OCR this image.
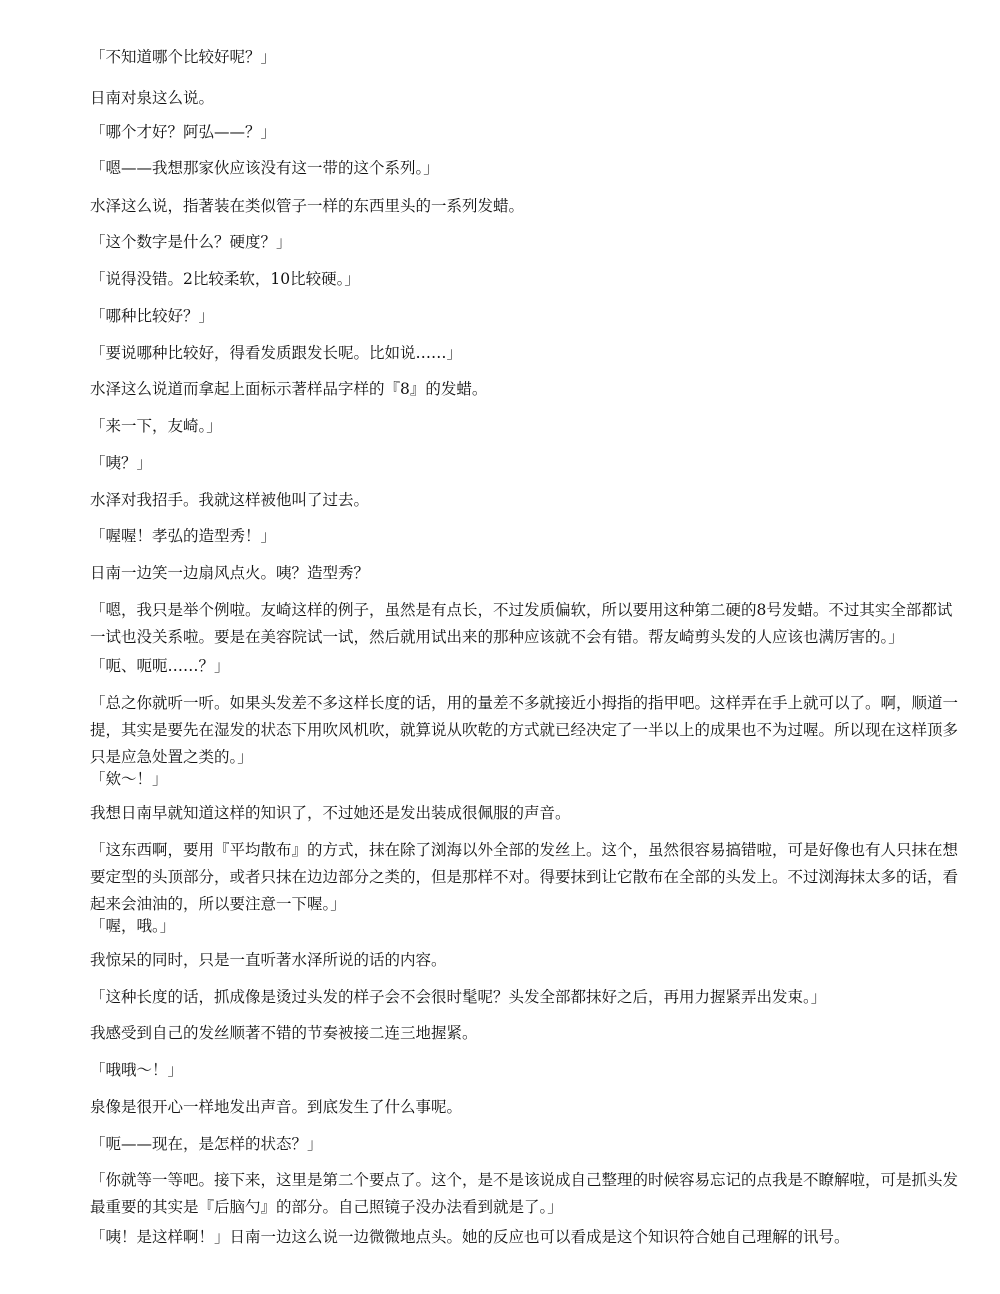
「不知道哪个比较好呢？」

日南对泉这么说。

「哪个才好？阿弘——？」

「嗯——我想那家伙应该没有这一带的这个系列。」

水泽这么说，指著装在类似管子一样的东西里头的一系列发蜡。

「这个数字是什么？硬度？」

「说得没错。2比较柔软，10比较硬。」

「哪种比较好？」

「要说哪种比较好，得看发质跟发长呢。比如说……」

水泽这么说道而拿起上面标示著样品字样的『8』的发蜡。

「来一下，友崎。」

「咦？」

水泽对我招手。我就这样被他叫了过去。

「喔喔！孝弘的造型秀！」

日南一边笑一边扇风点火。咦？造型秀？

「嗯，我只是举个例啦。友崎这样的例子，虽然是有点长，不过发质偏软，所以要用这种第二硬的8号发蜡。不过其实全部都试一试也没关系啦。要是在美容院试一试，然后就用试出来的那种应该就不会有错。帮友崎剪头发的人应该也满厉害的。」

「呃、呃呃……？」

「总之你就听一听。如果头发差不多这样长度的话，用的量差不多就接近小拇指的指甲吧。这样弄在手上就可以了。啊，顺道一提，其实是要先在湿发的状态下用吹风机吹，就算说从吹乾的方式就已经决定了一半以上的成果也不为过喔。所以现在这样顶多只是应急处置之类的。」

「欸～！」

我想日南早就知道这样的知识了，不过她还是发出装成很佩服的声音。

「这东西啊，要用『平均散布』的方式，抹在除了浏海以外全部的发丝上。这个，虽然很容易搞错啦，可是好像也有人只抹在想要定型的头顶部分，或者只抹在边边部分之类的，但是那样不对。得要抹到让它散布在全部的头发上。不过浏海抹太多的话，看起来会油油的，所以要注意一下喔。」

「喔，哦。」

我惊呆的同时，只是一直听著水泽所说的话的内容。

「这种长度的话，抓成像是烫过头发的样子会不会很时髦呢？头发全部都抹好之后，再用力握紧弄出发束。」

我感受到自己的发丝顺著不错的节奏被接二连三地握紧。

「哦哦～！」

泉像是很开心一样地发出声音。到底发生了什么事呢。

「呃——现在，是怎样的状态？」

「你就等一等吧。接下来，这里是第二个要点了。这个，是不是该说成自己整理的时候容易忘记的点我是不瞭解啦，可是抓头发最重要的其实是『后脑勺』的部分。自己照镜子没办法看到就是了。」

「咦！是这样啊！」日南一边这么说一边微微地点头。她的反应也可以看成是这个知识符合她自己理解的讯号。
